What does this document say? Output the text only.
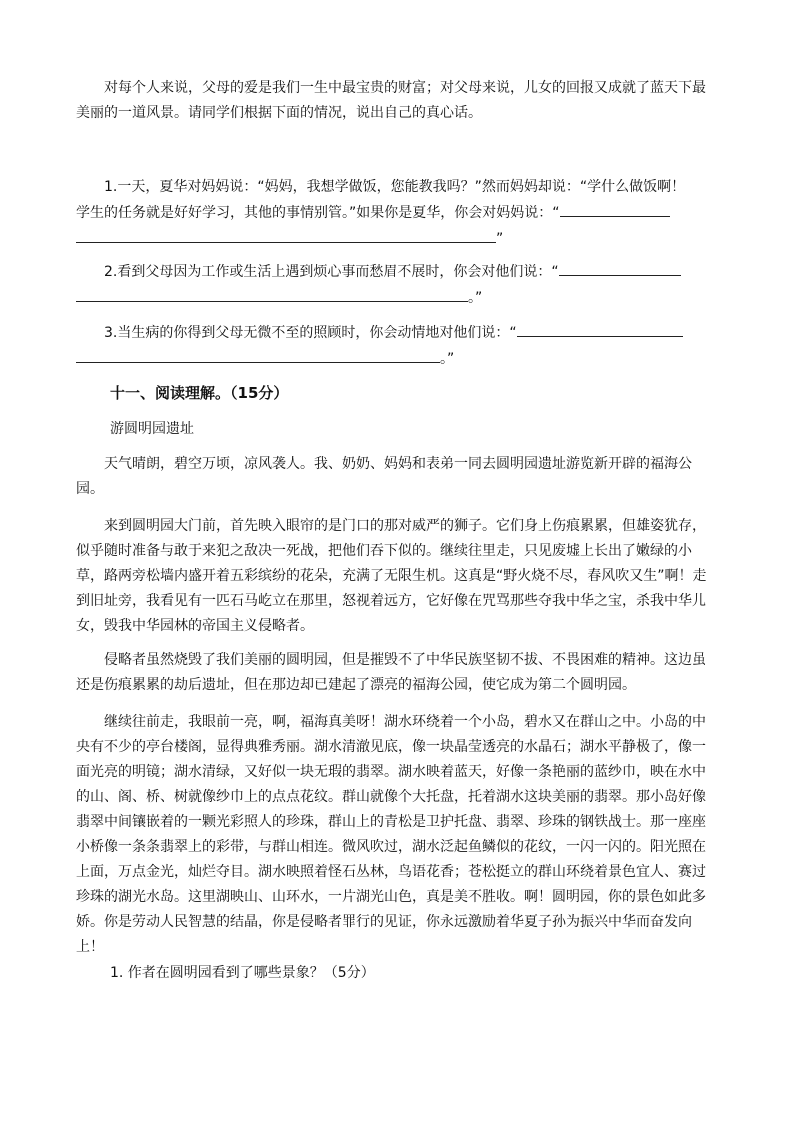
对每个人来说，父母的爱是我们一生中最宝贵的财富；对父母来说，儿女的回报又成就了蓝天下最美丽的一道风景。请同学们根据下面的情况，说出自己的真心话。

1.一天，夏华对妈妈说：“妈妈，我想学做饭，您能教我吗？”然而妈妈却说：“学什么做饭啊！
学生的任务就是好好学习，其他的事情别管。”如果你是夏华，你会对妈妈说：“
”
2.看到父母因为工作或生活上遇到烦心事而愁眉不展时，你会对他们说：“
。”
3.当生病的你得到父母无微不至的照顾时，你会动情地对他们说：“
。”
十一、阅读理解。（15分）
游圆明园遗址

天气晴朗，碧空万顷，凉风袭人。我、奶奶、妈妈和表弟一同去圆明园遗址游览新开辟的福海公园。

来到圆明园大门前，首先映入眼帘的是门口的那对威严的狮子。它们身上伤痕累累，但雄姿犹存，似乎随时准备与敢于来犯之敌决一死战，把他们吞下似的。继续往里走，只见废墟上长出了嫩绿的小草，路两旁松墙内盛开着五彩缤纷的花朵，充满了无限生机。这真是“野火烧不尽，春风吹又生”啊！走到旧址旁，我看见有一匹石马屹立在那里，怒视着远方，它好像在咒骂那些夺我中华之宝，杀我中华儿女，毁我中华园林的帝国主义侵略者。

侵略者虽然烧毁了我们美丽的圆明园，但是摧毁不了中华民族坚韧不拔、不畏困难的精神。这边虽还是伤痕累累的劫后遗址，但在那边却已建起了漂亮的福海公园，使它成为第二个圆明园。

继续往前走，我眼前一亮，啊，福海真美呀！湖水环绕着一个小岛，碧水又在群山之中。小岛的中央有不少的亭台楼阁，显得典雅秀丽。湖水清澈见底，像一块晶莹透亮的水晶石；湖水平静极了，像一面光亮的明镜；湖水清绿，又好似一块无瑕的翡翠。湖水映着蓝天，好像一条艳丽的蓝纱巾，映在水中的山、阁、桥、树就像纱巾上的点点花纹。群山就像个大托盘，托着湖水这块美丽的翡翠。那小岛好像翡翠中间镶嵌着的一颗光彩照人的珍珠，群山上的青松是卫护托盘、翡翠、珍珠的钢铁战士。那一座座小桥像一条条翡翠上的彩带，与群山相连。微风吹过，湖水泛起鱼鳞似的花纹，一闪一闪的。阳光照在上面，万点金光，灿烂夺目。湖水映照着怪石丛林，鸟语花香；苍松挺立的群山环绕着景色宜人、赛过珍珠的湖光水岛。这里湖映山、山环水，一片湖光山色，真是美不胜收。啊！圆明园，你的景色如此多娇。你是劳动人民智慧的结晶，你是侵略者罪行的见证，你永远激励着华夏子孙为振兴中华而奋发向上！

1. 作者在圆明园看到了哪些景象？（5分）
